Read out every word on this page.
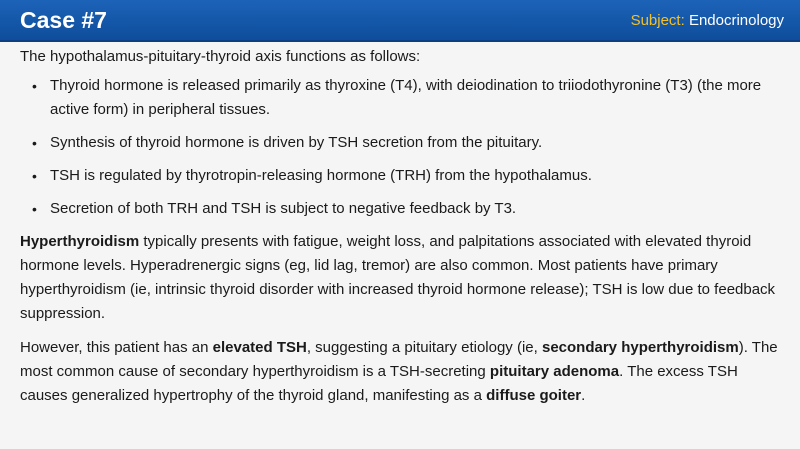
Case #7	Subject: Endocrinology

The hypothalamus-pituitary-thyroid axis functions as follows:

• Thyroid hormone is released primarily as thyroxine (T4), with deiodination to triiodothyronine (T3) (the more active form) in peripheral tissues.
• Synthesis of thyroid hormone is driven by TSH secretion from the pituitary.
• TSH is regulated by thyrotropin-releasing hormone (TRH) from the hypothalamus.
• Secretion of both TRH and TSH is subject to negative feedback by T3.

Hyperthyroidism typically presents with fatigue, weight loss, and palpitations associated with elevated thyroid hormone levels. Hyperadrenergic signs (eg, lid lag, tremor) are also common. Most patients have primary hyperthyroidism (ie, intrinsic thyroid disorder with increased thyroid hormone release); TSH is low due to feedback suppression.

However, this patient has an elevated TSH, suggesting a pituitary etiology (ie, secondary hyperthyroidism). The most common cause of secondary hyperthyroidism is a TSH-secreting pituitary adenoma. The excess TSH causes generalized hypertrophy of the thyroid gland, manifesting as a diffuse goiter.
